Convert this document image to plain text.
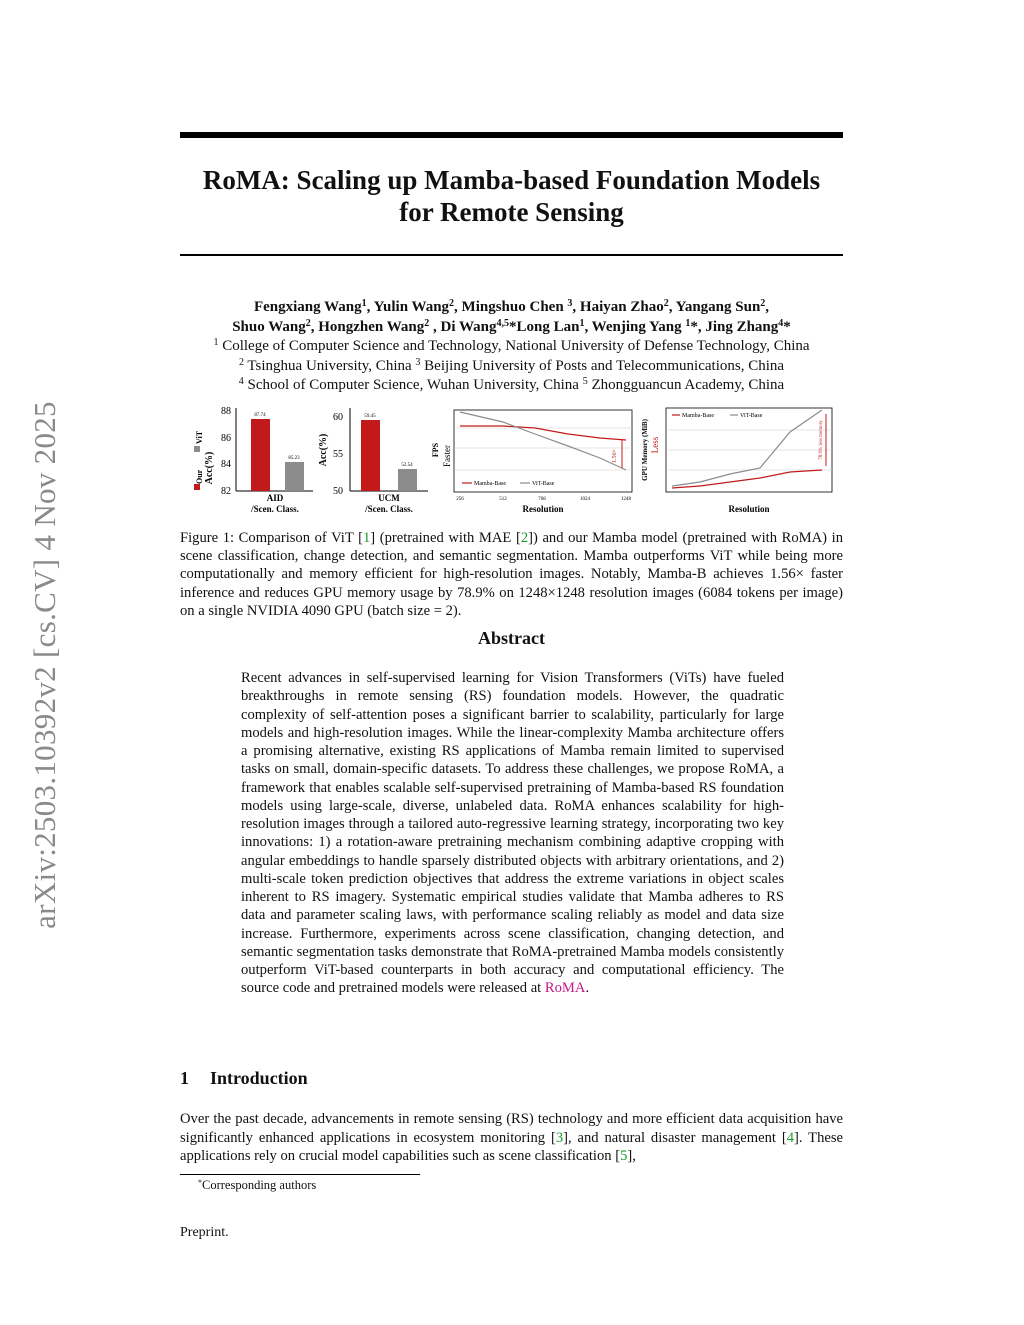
arXiv:2503.10392v2 [cs.CV] 4 Nov 2025
RoMA: Scaling up Mamba-based Foundation Models
for Remote Sensing
Fengxiang Wang$^1$, Yulin Wang$^2$, Mingshuo Chen $^3$, Haiyan Zhao$^2$, Yangang Sun$^2$,
Shuo Wang$^2$, Hongzhen Wang$^2$ , Di Wang$^{4,5}$*Long Lan$^1$, Wenjing Yang $^1$*, Jing Zhang$^4$*
$^1$ College of Computer Science and Technology, National University of Defense Technology, China
$^2$ Tsinghua University, China $^3$ Beijing University of Posts and Telecommunications, China
$^4$ School of Computer Science, Wuhan University, China $^5$ Zhongguancun Academy, China
Our
ViT
Acc(%)
88
86
84
82
87.74
85.23
AID
/Scen. Class.
Acc(%)
60
55
50
59.45
52.54
UCM
/Scen. Class.
FPS Faster	1.56×
Mamba-Base	ViT-Base
256	512	768	1024	1248
Resolution
GPU Memory (MiB) Less	78.9% less memory
Mamba-Base	ViT-Base
Resolution
Figure 1: Comparison of ViT [1] (pretrained with MAE [2]) and our Mamba model (pretrained with RoMA) in scene classification, change detection, and semantic segmentation. Mamba outperforms ViT while being more computationally and memory efficient for high-resolution images. Notably, Mamba-B achieves 1.56× faster inference and reduces GPU memory usage by 78.9% on 1248×1248 resolution images (6084 tokens per image) on a single NVIDIA 4090 GPU (batch size = 2).
Abstract
Recent advances in self-supervised learning for Vision Transformers (ViTs) have fueled breakthroughs in remote sensing (RS) foundation models. However, the quadratic complexity of self-attention poses a significant barrier to scalability, particularly for large models and high-resolution images. While the linear-complexity Mamba architecture offers a promising alternative, existing RS applications of Mamba remain limited to supervised tasks on small, domain-specific datasets. To address these challenges, we propose RoMA, a framework that enables scalable self-supervised pretraining of Mamba-based RS foundation models using large-scale, diverse, unlabeled data. RoMA enhances scalability for high-resolution images through a tailored auto-regressive learning strategy, incorporating two key innovations: 1) a rotation-aware pretraining mechanism combining adaptive cropping with angular embeddings to handle sparsely distributed objects with arbitrary orientations, and 2) multi-scale token prediction objectives that address the extreme variations in object scales inherent to RS imagery. Systematic empirical studies validate that Mamba adheres to RS data and parameter scaling laws, with performance scaling reliably as model and data size increase. Furthermore, experiments across scene classification, changing detection, and semantic segmentation tasks demonstrate that RoMA-pretrained Mamba models consistently outperform ViT-based counterparts in both accuracy and computational efficiency. The source code and pretrained models were released at RoMA.
1 Introduction
Over the past decade, advancements in remote sensing (RS) technology and more efficient data acquisition have significantly enhanced applications in ecosystem monitoring [3], and natural disaster management [4]. These applications rely on crucial model capabilities such as scene classification [5],
*Corresponding authors
Preprint.
